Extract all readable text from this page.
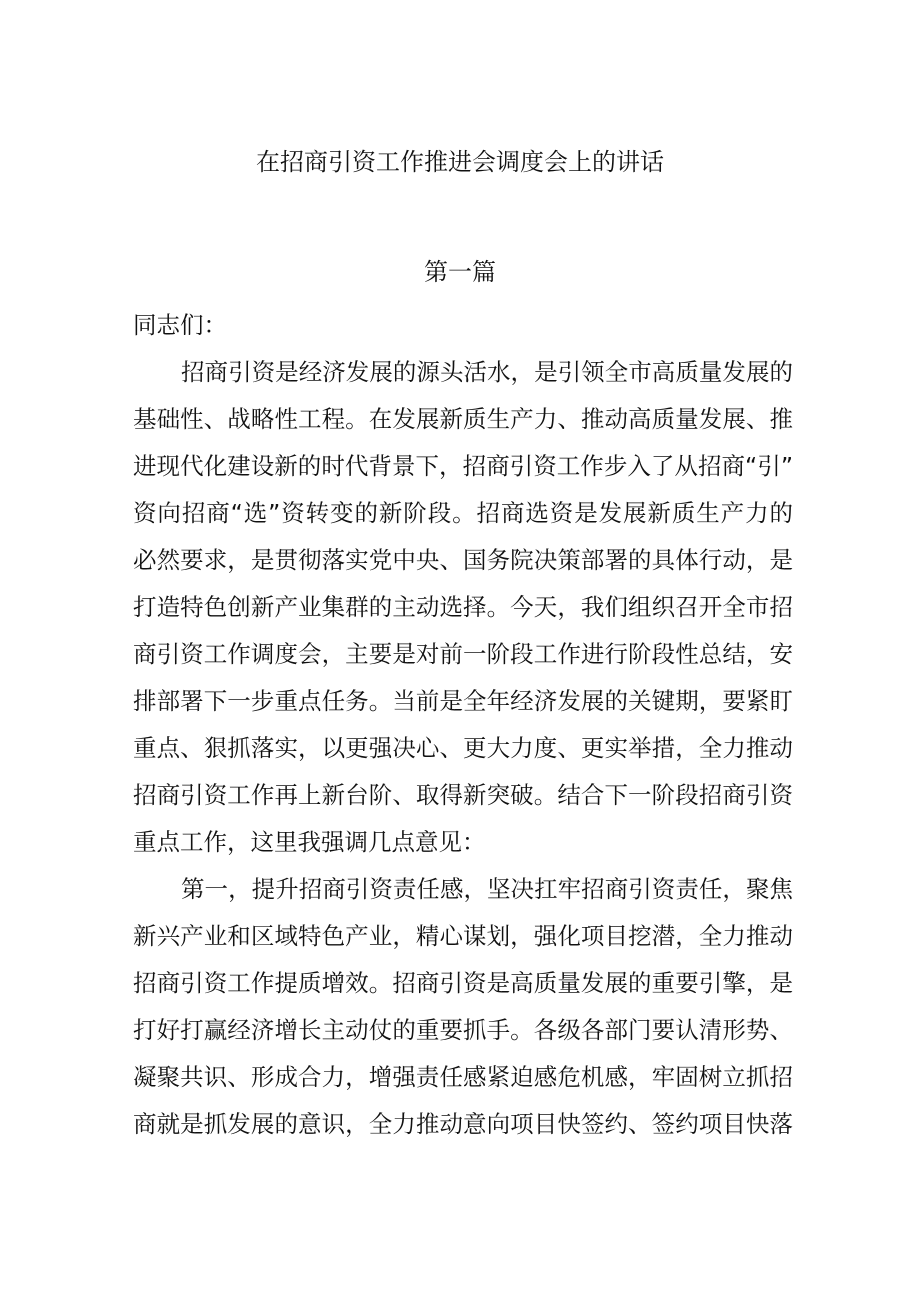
在招商引资工作推进会调度会上的讲话
第一篇
同志们：
招商引资是经济发展的源头活水，是引领全市高质量发展的
基础性、战略性工程。在发展新质生产力、推动高质量发展、推
进现代化建设新的时代背景下，招商引资工作步入了从招商“引”
资向招商“选”资转变的新阶段。招商选资是发展新质生产力的
必然要求，是贯彻落实党中央、国务院决策部署的具体行动，是
打造特色创新产业集群的主动选择。今天，我们组织召开全市招
商引资工作调度会，主要是对前一阶段工作进行阶段性总结，安
排部署下一步重点任务。当前是全年经济发展的关键期，要紧盯
重点、狠抓落实，以更强决心、更大力度、更实举措，全力推动
招商引资工作再上新台阶、取得新突破。结合下一阶段招商引资
重点工作，这里我强调几点意见：
第一，提升招商引资责任感，坚决扛牢招商引资责任，聚焦
新兴产业和区域特色产业，精心谋划，强化项目挖潜，全力推动
招商引资工作提质增效。招商引资是高质量发展的重要引擎，是
打好打赢经济增长主动仗的重要抓手。各级各部门要认清形势、
凝聚共识、形成合力，增强责任感紧迫感危机感，牢固树立抓招
商就是抓发展的意识，全力推动意向项目快签约、签约项目快落
